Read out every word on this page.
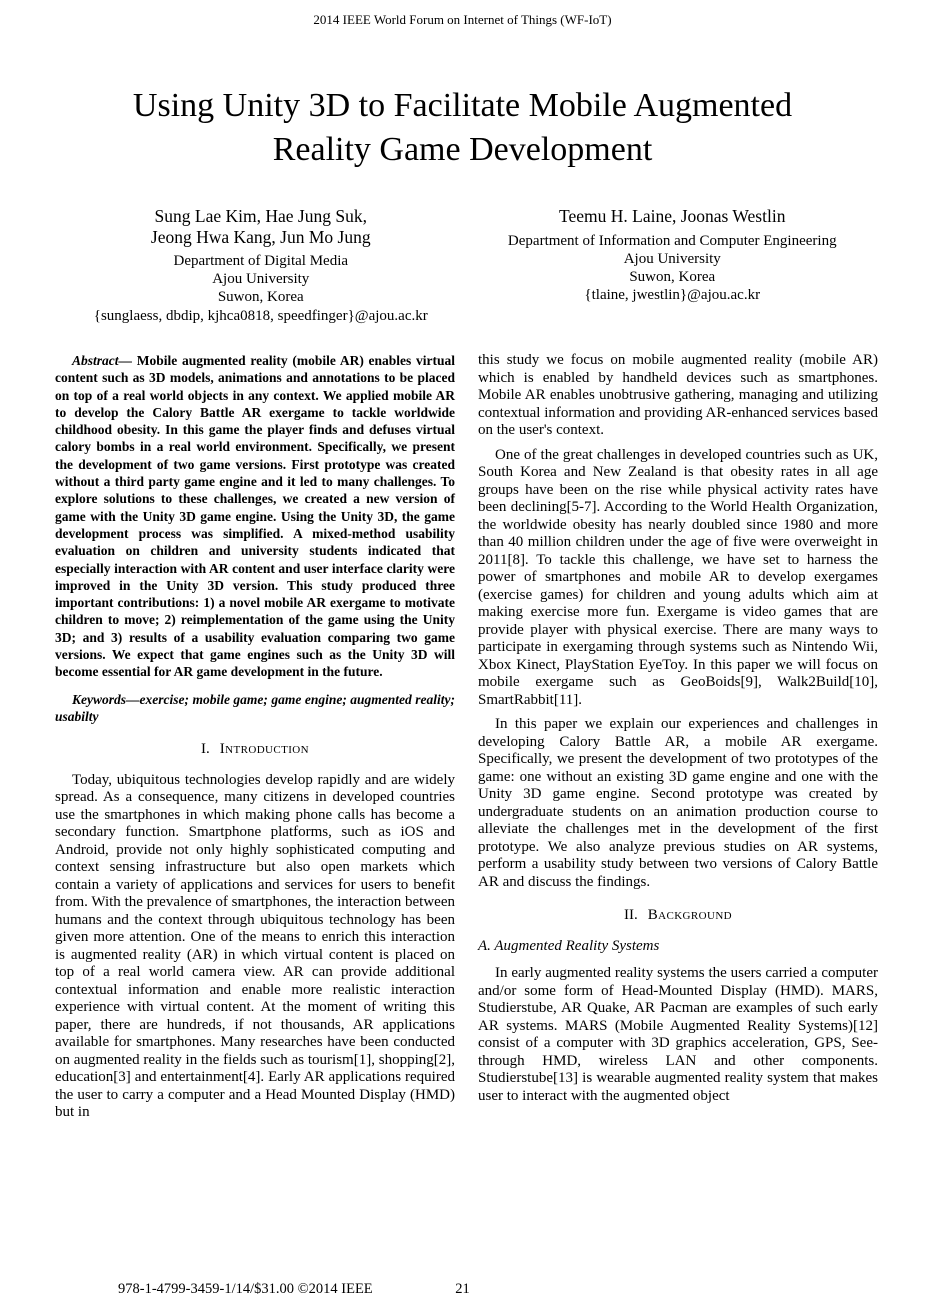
2014 IEEE World Forum on Internet of Things (WF-IoT)
Using Unity 3D to Facilitate Mobile Augmented
Reality Game Development
Sung Lae Kim, Hae Jung Suk,
Jeong Hwa Kang, Jun Mo Jung
Department of Digital Media
Ajou University
Suwon, Korea
{sunglaess, dbdip, kjhca0818, speedfinger}@ajou.ac.kr
Teemu H. Laine, Joonas Westlin
Department of Information and Computer Engineering
Ajou University
Suwon, Korea
{tlaine, jwestlin}@ajou.ac.kr

Abstract— Mobile augmented reality (mobile AR) enables virtual content such as 3D models, animations and annotations to be placed on top of a real world objects in any context. We applied mobile AR to develop the Calory Battle AR exergame to tackle worldwide childhood obesity. In this game the player finds and defuses virtual calory bombs in a real world environment. Specifically, we present the development of two game versions. First prototype was created without a third party game engine and it led to many challenges. To explore solutions to these challenges, we created a new version of game with the Unity 3D game engine. Using the Unity 3D, the game development process was simplified. A mixed-method usability evaluation on children and university students indicated that especially interaction with AR content and user interface clarity were improved in the Unity 3D version. This study produced three important contributions: 1) a novel mobile AR exergame to motivate children to move; 2) reimplementation of the game using the Unity 3D; and 3) results of a usability evaluation comparing two game versions. We expect that game engines such as the Unity 3D will become essential for AR game development in the future.

Keywords—exercise; mobile game; game engine; augmented reality; usabilty

I. Introduction

Today, ubiquitous technologies develop rapidly and are widely spread. As a consequence, many citizens in developed countries use the smartphones in which making phone calls has become a secondary function. Smartphone platforms, such as iOS and Android, provide not only highly sophisticated computing and context sensing infrastructure but also open markets which contain a variety of applications and services for users to benefit from. With the prevalence of smartphones, the interaction between humans and the context through ubiquitous technology has been given more attention. One of the means to enrich this interaction is augmented reality (AR) in which virtual content is placed on top of a real world camera view. AR can provide additional contextual information and enable more realistic interaction experience with virtual content. At the moment of writing this paper, there are hundreds, if not thousands, AR applications available for smartphones. Many researches have been conducted on augmented reality in the fields such as tourism[1], shopping[2], education[3] and entertainment[4]. Early AR applications required the user to carry a computer and a Head Mounted Display (HMD) but in

this study we focus on mobile augmented reality (mobile AR) which is enabled by handheld devices such as smartphones. Mobile AR enables unobtrusive gathering, managing and utilizing contextual information and providing AR-enhanced services based on the user's context.

One of the great challenges in developed countries such as UK, South Korea and New Zealand is that obesity rates in all age groups have been on the rise while physical activity rates have been declining[5-7]. According to the World Health Organization, the worldwide obesity has nearly doubled since 1980 and more than 40 million children under the age of five were overweight in 2011[8]. To tackle this challenge, we have set to harness the power of smartphones and mobile AR to develop exergames (exercise games) for children and young adults which aim at making exercise more fun. Exergame is video games that are provide player with physical exercise. There are many ways to participate in exergaming through systems such as Nintendo Wii, Xbox Kinect, PlayStation EyeToy. In this paper we will focus on mobile exergame such as GeoBoids[9], Walk2Build[10], SmartRabbit[11].

In this paper we explain our experiences and challenges in developing Calory Battle AR, a mobile AR exergame. Specifically, we present the development of two prototypes of the game: one without an existing 3D game engine and one with the Unity 3D game engine. Second prototype was created by undergraduate students on an animation production course to alleviate the challenges met in the development of the first prototype. We also analyze previous studies on AR systems, perform a usability study between two versions of Calory Battle AR and discuss the findings.

II. Background
A. Augmented Reality Systems

In early augmented reality systems the users carried a computer and/or some form of Head-Mounted Display (HMD). MARS, Studierstube, AR Quake, AR Pacman are examples of such early AR systems. MARS (Mobile Augmented Reality Systems)[12] consist of a computer with 3D graphics acceleration, GPS, See-through HMD, wireless LAN and other components. Studierstube[13] is wearable augmented reality system that makes user to interact with the augmented object

978-1-4799-3459-1/14/$31.00 ©2014 IEEE	21
